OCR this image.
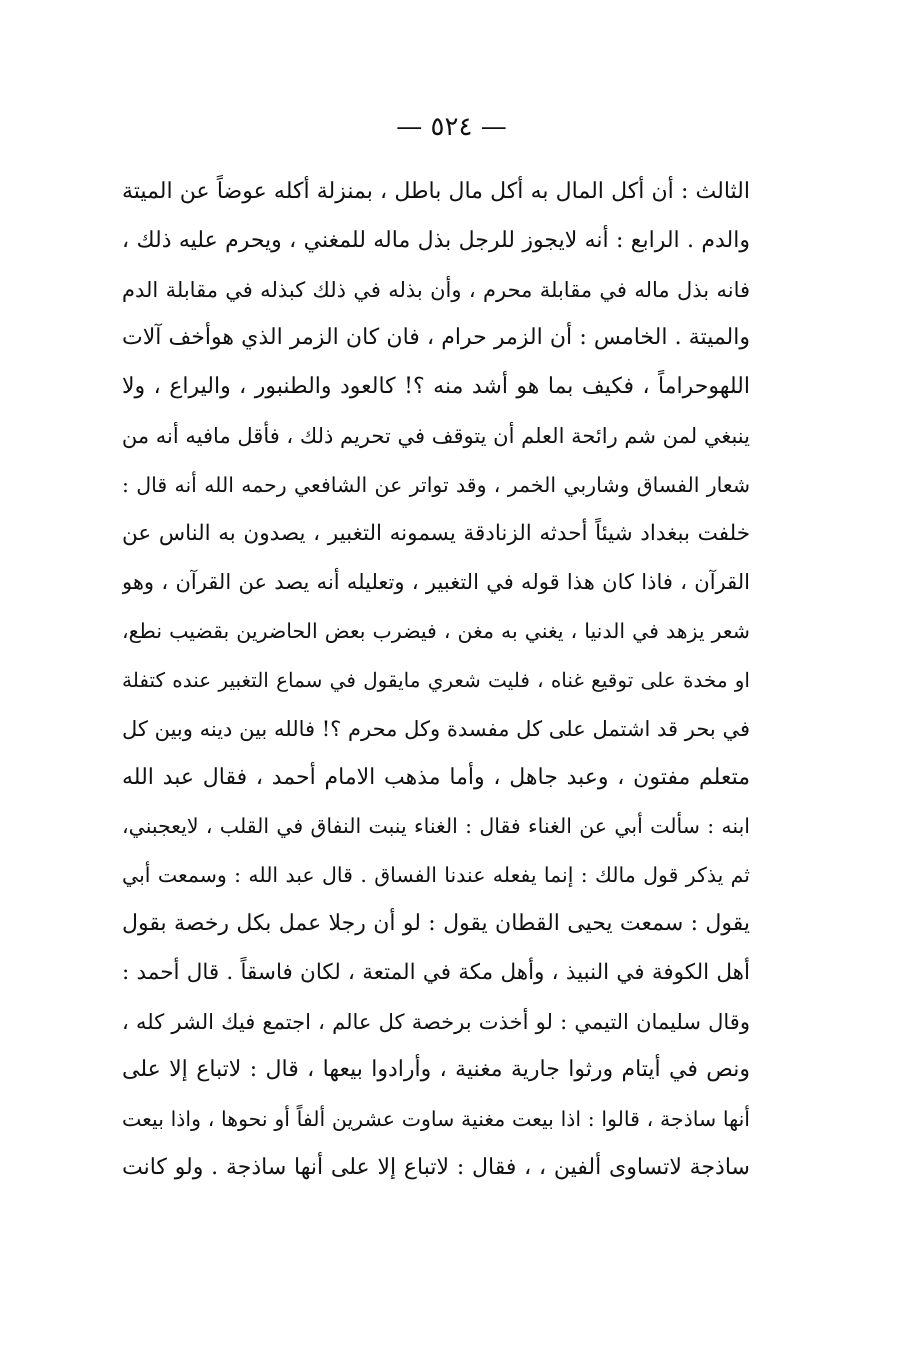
— ٥٢٤ —
الثالث : أن أكل المال به أكل مال باطل ، بمنزلة أكله عوضاً عن الميتة
والدم . الرابع : أنه لايجوز للرجل بذل ماله للمغني ، ويحرم عليه ذلك ،
فانه بذل ماله في مقابلة محرم ، وأن بذله في ذلك كبذله في مقابلة الدم
والميتة . الخامس : أن الزمر حرام ، فان كان الزمر الذي هوأخف آلات
اللهوحراماً ، فكيف بما هو أشد منه ؟! كالعود والطنبور ، واليراع ، ولا
ينبغي لمن شم رائحة العلم أن يتوقف في تحريم ذلك ، فأقل مافيه أنه من
شعار الفساق وشاربي الخمر ، وقد تواتر عن الشافعي رحمه الله أنه قال :
خلفت ببغداد شيئاً أحدثه الزنادقة يسمونه التغبير ، يصدون به الناس عن
القرآن ، فاذا كان هذا قوله في التغبير ، وتعليله أنه يصد عن القرآن ، وهو
شعر يزهد في الدنيا ، يغني به مغن ، فيضرب بعض الحاضرين بقضيب نطع،
او مخدة على توقيع غناه ، فليت شعري مايقول في سماع التغبير عنده كتفلة
في بحر قد اشتمل على كل مفسدة وكل محرم ؟! فالله بين دينه وبين كل
متعلم مفتون ، وعبد جاهل ، وأما مذهب الامام أحمد ، فقال عبد الله
ابنه : سألت أبي عن الغناء فقال : الغناء ينبت النفاق في القلب ، لايعجبني،
ثم يذكر قول مالك : إنما يفعله عندنا الفساق . قال عبد الله : وسمعت أبي
يقول : سمعت يحيى القطان يقول : لو أن رجلا عمل بكل رخصة بقول
أهل الكوفة في النبيذ ، وأهل مكة في المتعة ، لكان فاسقاً . قال أحمد :
وقال سليمان التيمي : لو أخذت برخصة كل عالم ، اجتمع فيك الشر كله ،
ونص في أيتام ورثوا جارية مغنية ، وأرادوا بيعها ، قال : لاتباع إلا على
أنها ساذجة ، قالوا : اذا بيعت مغنية ساوت عشرين ألفاً أو نحوها ، واذا بيعت
ساذجة لاتساوى ألفين ، ، فقال : لاتباع إلا على أنها ساذجة . ولو كانت
